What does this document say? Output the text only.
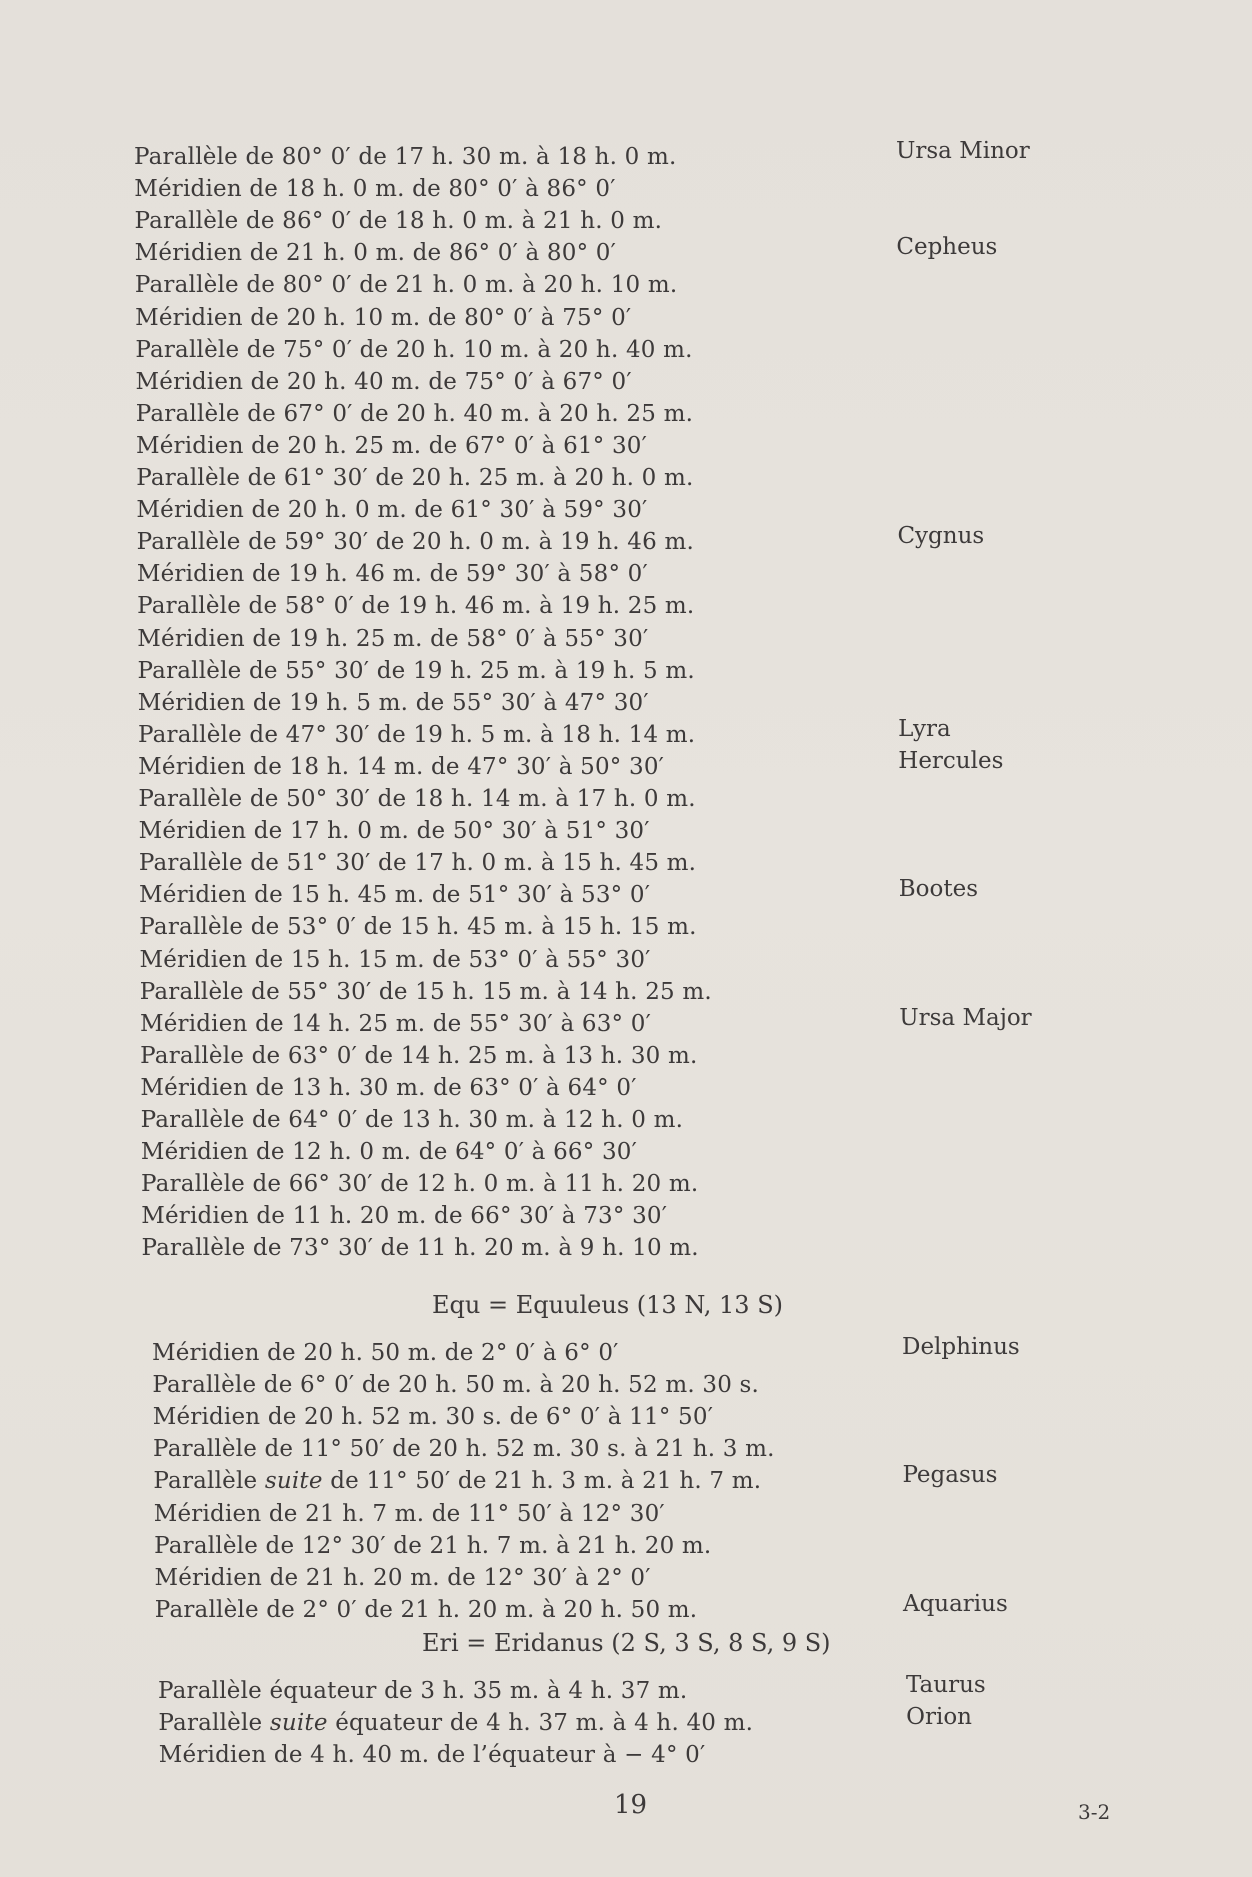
Parallèle de 80° 0′ de 17 h. 30 m. à 18 h. 0 m.	Ursa Minor
Méridien de 18 h. 0 m. de 80° 0′ à 86° 0′
Parallèle de 86° 0′ de 18 h. 0 m. à 21 h. 0 m.
Méridien de 21 h. 0 m. de 86° 0′ à 80° 0′	Cepheus
Parallèle de 80° 0′ de 21 h. 0 m. à 20 h. 10 m.
Méridien de 20 h. 10 m. de 80° 0′ à 75° 0′
Parallèle de 75° 0′ de 20 h. 10 m. à 20 h. 40 m.
Méridien de 20 h. 40 m. de 75° 0′ à 67° 0′
Parallèle de 67° 0′ de 20 h. 40 m. à 20 h. 25 m.
Méridien de 20 h. 25 m. de 67° 0′ à 61° 30′
Parallèle de 61° 30′ de 20 h. 25 m. à 20 h. 0 m.
Méridien de 20 h. 0 m. de 61° 30′ à 59° 30′
Parallèle de 59° 30′ de 20 h. 0 m. à 19 h. 46 m.	Cygnus
Méridien de 19 h. 46 m. de 59° 30′ à 58° 0′
Parallèle de 58° 0′ de 19 h. 46 m. à 19 h. 25 m.
Méridien de 19 h. 25 m. de 58° 0′ à 55° 30′
Parallèle de 55° 30′ de 19 h. 25 m. à 19 h. 5 m.
Méridien de 19 h. 5 m. de 55° 30′ à 47° 30′
Parallèle de 47° 30′ de 19 h. 5 m. à 18 h. 14 m.	Lyra
Méridien de 18 h. 14 m. de 47° 30′ à 50° 30′	Hercules
Parallèle de 50° 30′ de 18 h. 14 m. à 17 h. 0 m.
Méridien de 17 h. 0 m. de 50° 30′ à 51° 30′
Parallèle de 51° 30′ de 17 h. 0 m. à 15 h. 45 m.
Méridien de 15 h. 45 m. de 51° 30′ à 53° 0′	Bootes
Parallèle de 53° 0′ de 15 h. 45 m. à 15 h. 15 m.
Méridien de 15 h. 15 m. de 53° 0′ à 55° 30′
Parallèle de 55° 30′ de 15 h. 15 m. à 14 h. 25 m.
Méridien de 14 h. 25 m. de 55° 30′ à 63° 0′	Ursa Major
Parallèle de 63° 0′ de 14 h. 25 m. à 13 h. 30 m.
Méridien de 13 h. 30 m. de 63° 0′ à 64° 0′
Parallèle de 64° 0′ de 13 h. 30 m. à 12 h. 0 m.
Méridien de 12 h. 0 m. de 64° 0′ à 66° 30′
Parallèle de 66° 30′ de 12 h. 0 m. à 11 h. 20 m.
Méridien de 11 h. 20 m. de 66° 30′ à 73° 30′
Parallèle de 73° 30′ de 11 h. 20 m. à 9 h. 10 m.
Equ = Equuleus (13 N, 13 S)
Méridien de 20 h. 50 m. de 2° 0′ à 6° 0′	Delphinus
Parallèle de 6° 0′ de 20 h. 50 m. à 20 h. 52 m. 30 s.
Méridien de 20 h. 52 m. 30 s. de 6° 0′ à 11° 50′
Parallèle de 11° 50′ de 20 h. 52 m. 30 s. à 21 h. 3 m.
Parallèle suite de 11° 50′ de 21 h. 3 m. à 21 h. 7 m.	Pegasus
Méridien de 21 h. 7 m. de 11° 50′ à 12° 30′
Parallèle de 12° 30′ de 21 h. 7 m. à 21 h. 20 m.
Méridien de 21 h. 20 m. de 12° 30′ à 2° 0′
Parallèle de 2° 0′ de 21 h. 20 m. à 20 h. 50 m.	Aquarius
Eri = Eridanus (2 S, 3 S, 8 S, 9 S)
Parallèle équateur de 3 h. 35 m. à 4 h. 37 m.	Taurus
Parallèle suite équateur de 4 h. 37 m. à 4 h. 40 m.	Orion
Méridien de 4 h. 40 m. de l’équateur à − 4° 0′
19	3-2
